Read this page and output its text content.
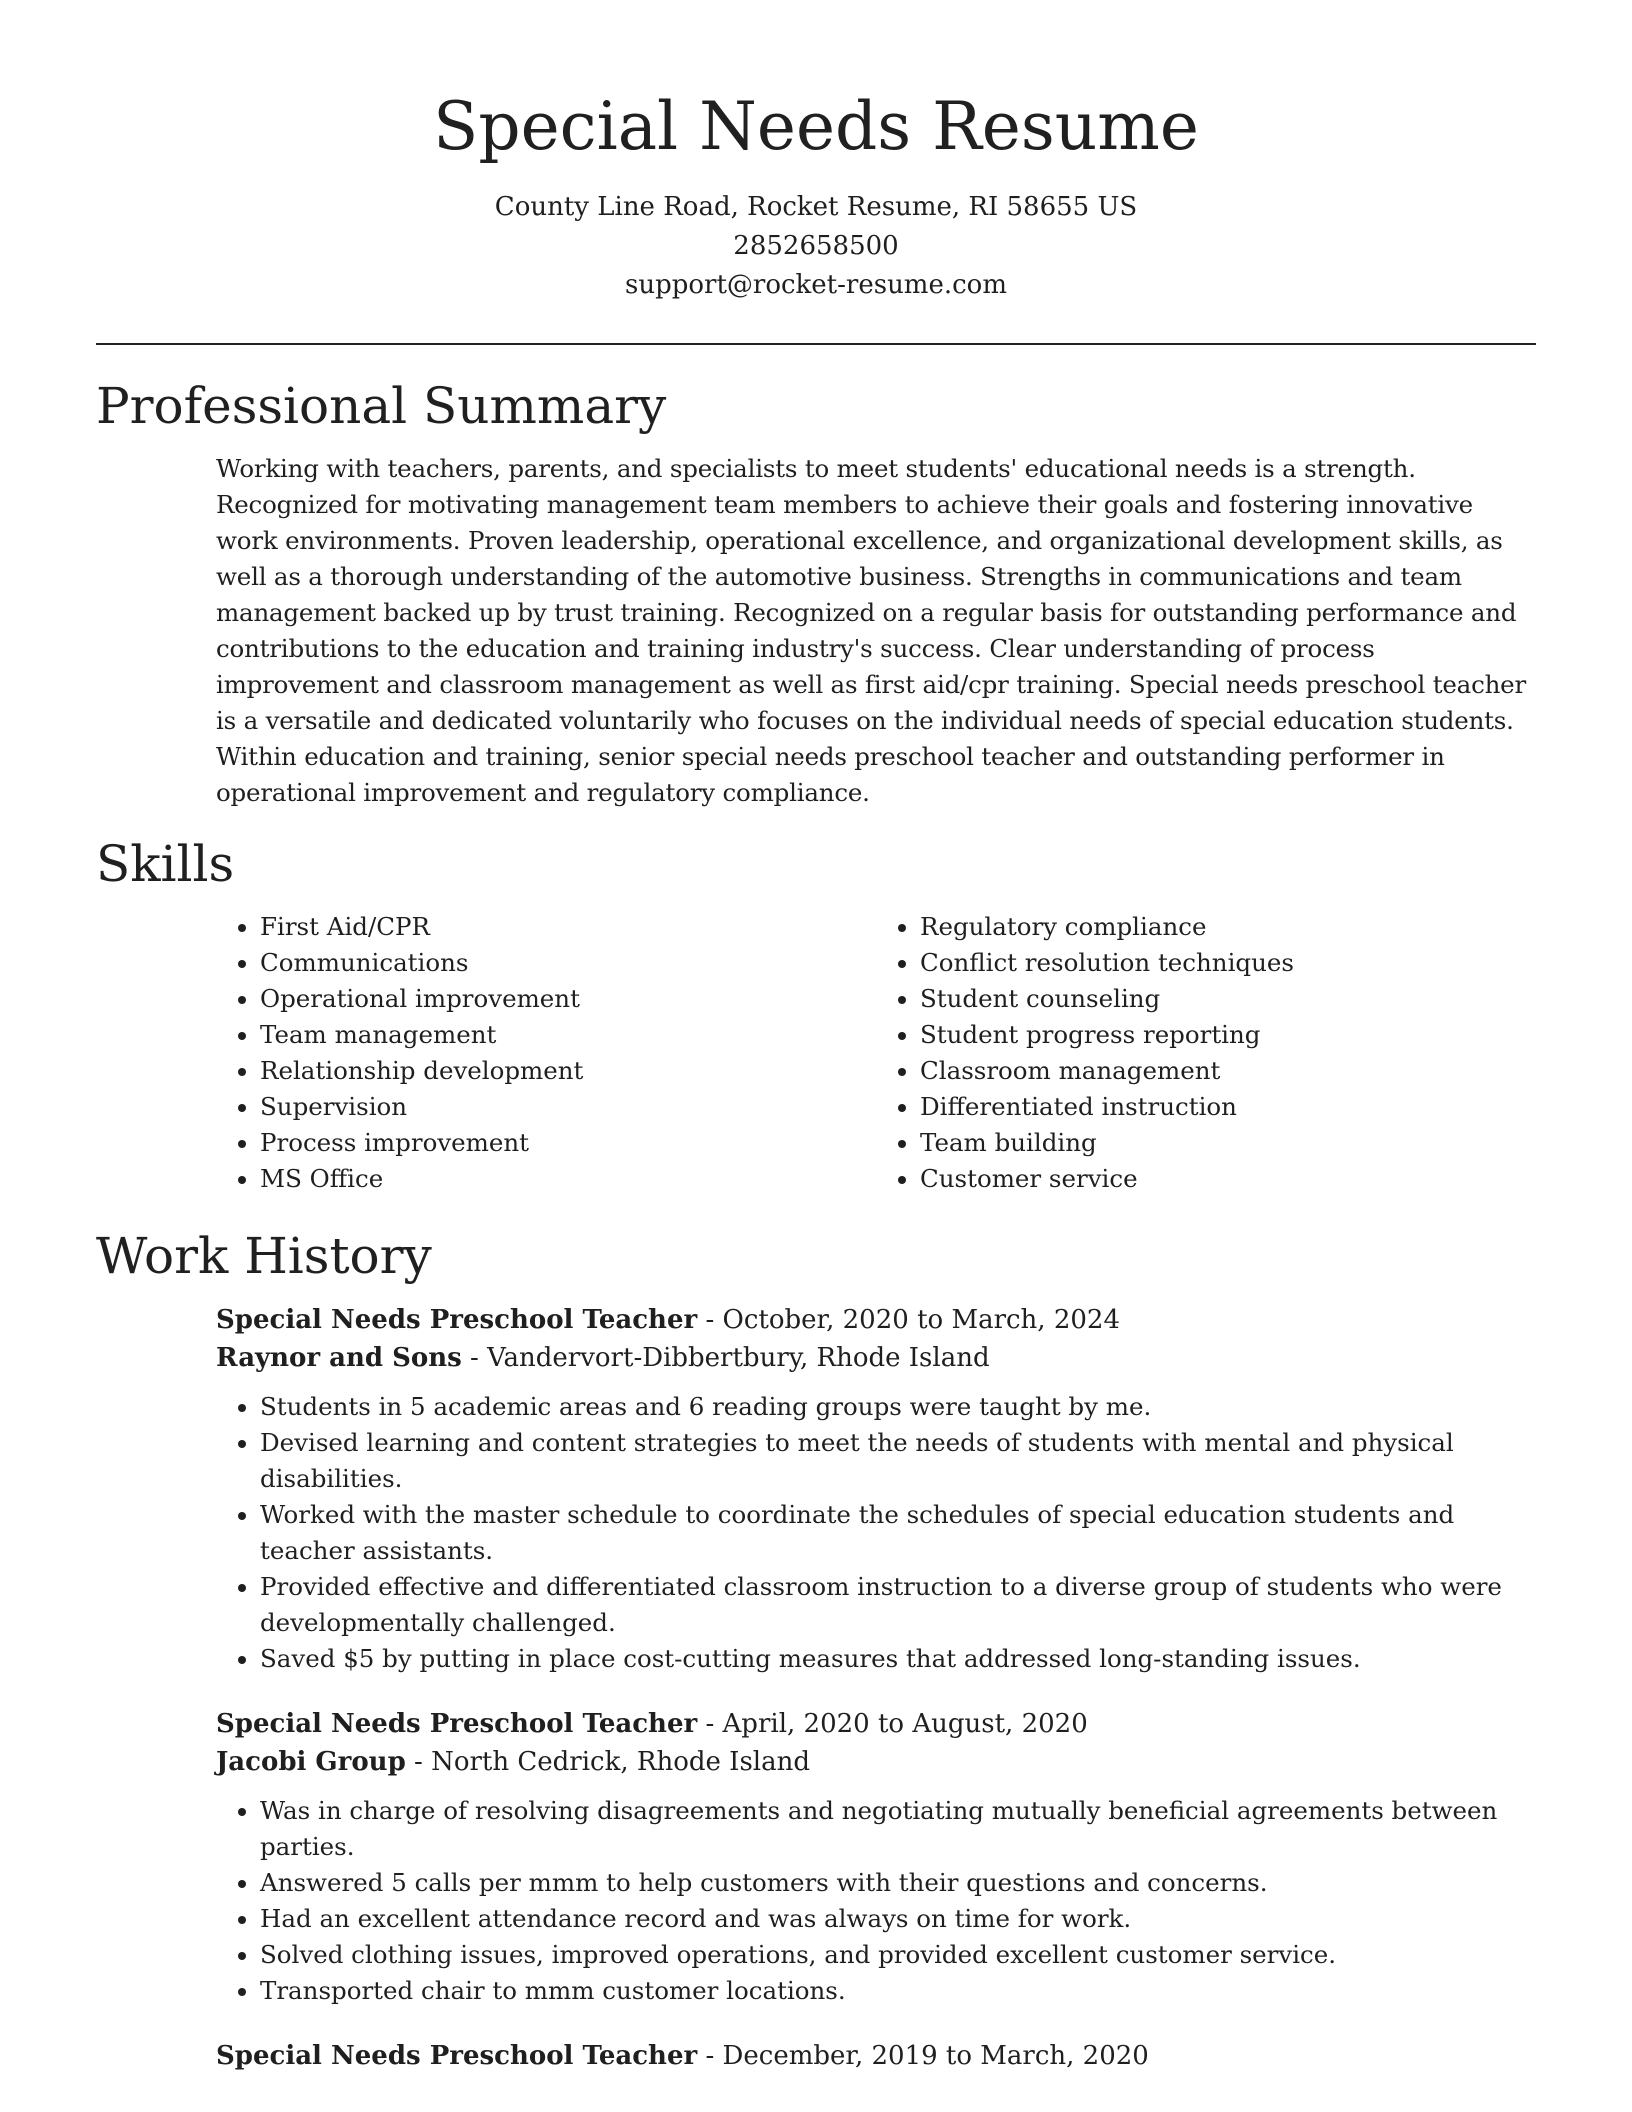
Special Needs Resume
County Line Road, Rocket Resume, RI 58655 US
2852658500
support@rocket-resume.com
Professional Summary

Working with teachers, parents, and specialists to meet students' educational needs is a strength. Recognized for motivating management team members to achieve their goals and fostering innovative work environments. Proven leadership, operational excellence, and organizational development skills, as well as a thorough understanding of the automotive business. Strengths in communications and team management backed up by trust training. Recognized on a regular basis for outstanding performance and contributions to the education and training industry's success. Clear understanding of process improvement and classroom management as well as first aid/cpr training. Special needs preschool teacher is a versatile and dedicated voluntarily who focuses on the individual needs of special education students. Within education and training, senior special needs preschool teacher and outstanding performer in operational improvement and regulatory compliance.

Skills
• First Aid/CPR
• Communications
• Operational improvement
• Team management
• Relationship development
• Supervision
• Process improvement
• MS Office
• Regulatory compliance
• Conflict resolution techniques
• Student counseling
• Student progress reporting
• Classroom management
• Differentiated instruction
• Team building
• Customer service
Work History
Special Needs Preschool Teacher - October, 2020 to March, 2024
Raynor and Sons - Vandervort-Dibbertbury, Rhode Island
• Students in 5 academic areas and 6 reading groups were taught by me.
• Devised learning and content strategies to meet the needs of students with mental and physical disabilities.
• Worked with the master schedule to coordinate the schedules of special education students and teacher assistants.
• Provided effective and differentiated classroom instruction to a diverse group of students who were developmentally challenged.
• Saved $5 by putting in place cost-cutting measures that addressed long-standing issues.
Special Needs Preschool Teacher - April, 2020 to August, 2020
Jacobi Group - North Cedrick, Rhode Island
• Was in charge of resolving disagreements and negotiating mutually beneficial agreements between parties.
• Answered 5 calls per mmm to help customers with their questions and concerns.
• Had an excellent attendance record and was always on time for work.
• Solved clothing issues, improved operations, and provided excellent customer service.
• Transported chair to mmm customer locations.
Special Needs Preschool Teacher - December, 2019 to March, 2020
